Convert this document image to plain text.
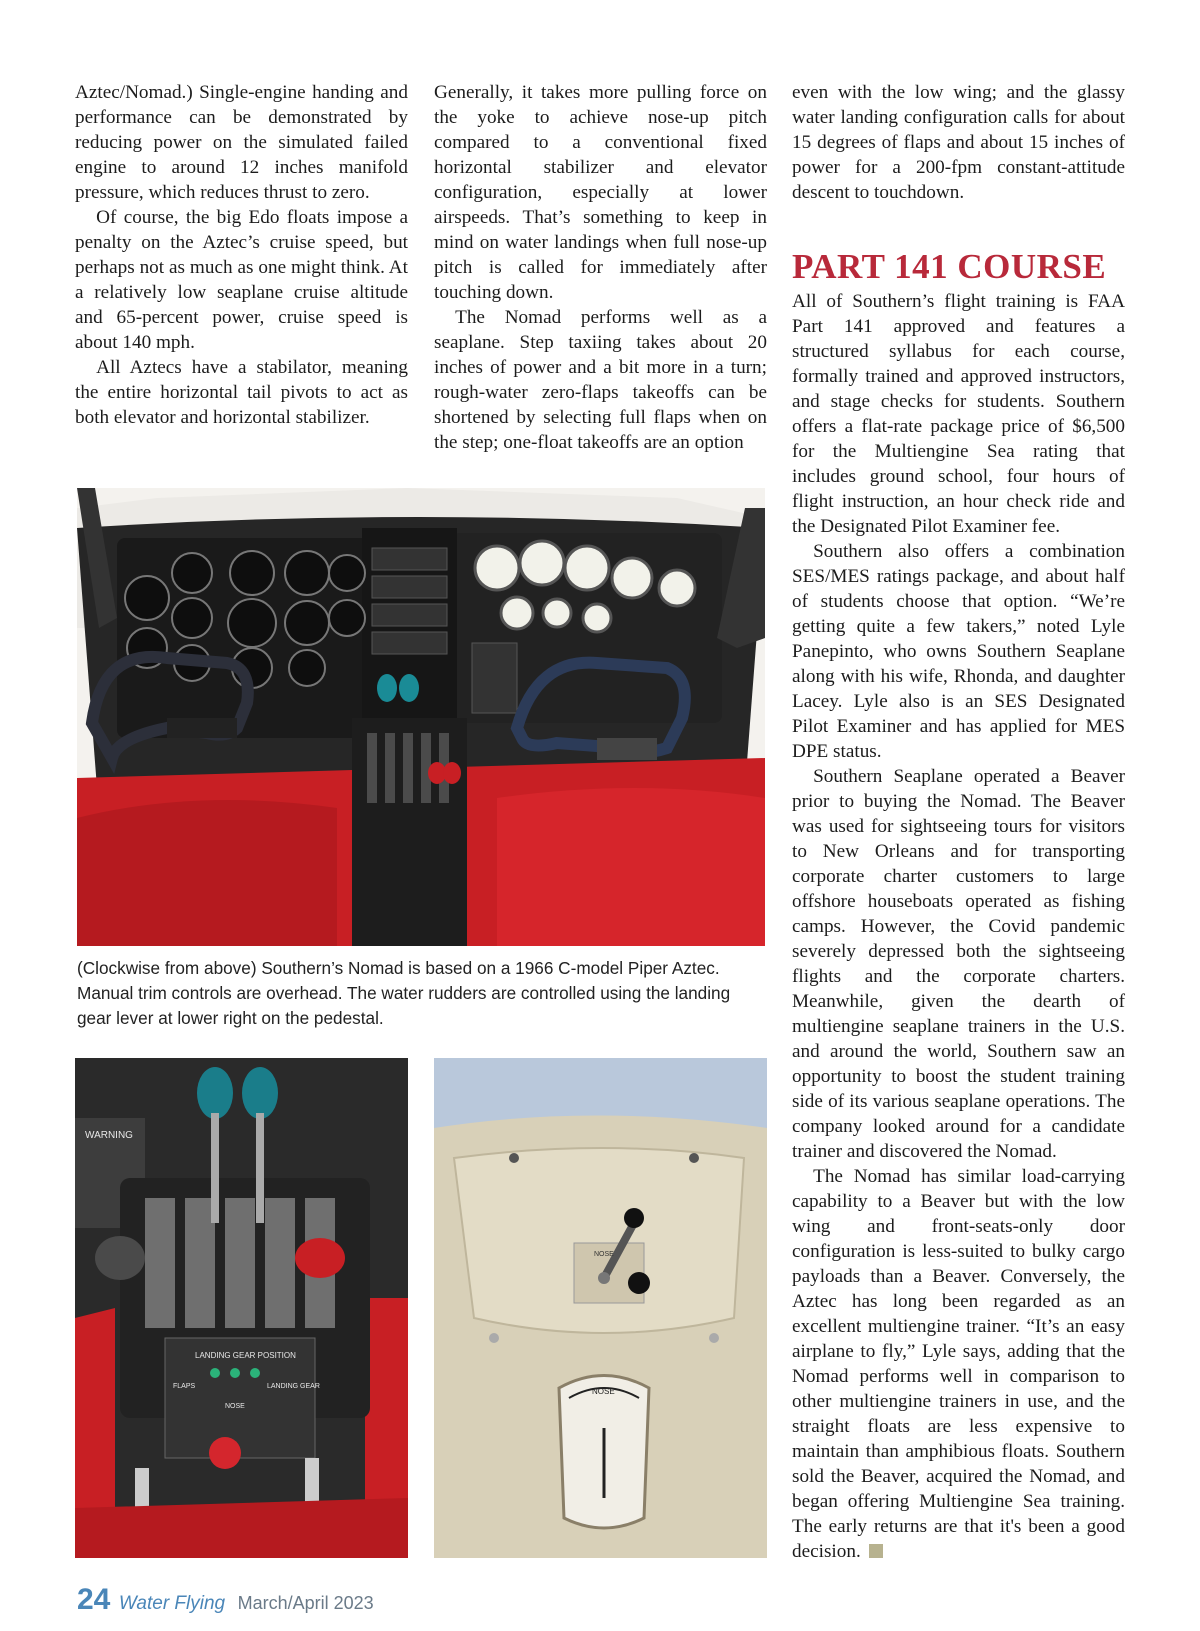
Aztec/Nomad.) Single-engine handing and performance can be demonstrated by reducing power on the simulated failed engine to around 12 inches manifold pressure, which reduces thrust to zero.

Of course, the big Edo floats impose a penalty on the Aztec’s cruise speed, but perhaps not as much as one might think. At a relatively low seaplane cruise altitude and 65-percent power, cruise speed is about 140 mph.

All Aztecs have a stabilator, meaning the entire horizontal tail pivots to act as both elevator and horizontal stabilizer.

Generally, it takes more pulling force on the yoke to achieve nose-up pitch compared to a conventional fixed horizontal stabilizer and elevator configuration, especially at lower airspeeds. That’s something to keep in mind on water landings when full nose-up pitch is called for immediately after touching down.

The Nomad performs well as a seaplane. Step taxiing takes about 20 inches of power and a bit more in a turn; rough-water zero-flaps takeoffs can be shortened by selecting full flaps when on the step; one-float takeoffs are an option

even with the low wing; and the glassy water landing configuration calls for about 15 degrees of flaps and about 15 inches of power for a 200-fpm constant-attitude descent to touchdown.

PART 141 COURSE

All of Southern’s flight training is FAA Part 141 approved and features a structured syllabus for each course, formally trained and approved instructors, and stage checks for students. Southern offers a flat-rate package price of $6,500 for the Multiengine Sea rating that includes ground school, four hours of flight instruction, an hour check ride and the Designated Pilot Examiner fee.

Southern also offers a combination SES/MES ratings package, and about half of students choose that option. “We’re getting quite a few takers,” noted Lyle Panepinto, who owns Southern Seaplane along with his wife, Rhonda, and daughter Lacey. Lyle also is an SES Designated Pilot Examiner and has applied for MES DPE status.

Southern Seaplane operated a Beaver prior to buying the Nomad. The Beaver was used for sightseeing tours for visitors to New Orleans and for transporting corporate charter customers to large offshore houseboats operated as fishing camps. However, the Covid pandemic severely depressed both the sightseeing flights and the corporate charters. Meanwhile, given the dearth of multiengine seaplane trainers in the U.S. and around the world, Southern saw an opportunity to boost the student training side of its various seaplane operations. The company looked around for a candidate trainer and discovered the Nomad.

The Nomad has similar load-carrying capability to a Beaver but with the low wing and front-seats-only door configuration is less-suited to bulky cargo payloads than a Beaver. Conversely, the Aztec has long been regarded as an excellent multiengine trainer. “It’s an easy airplane to fly,” Lyle says, adding that the Nomad performs well in comparison to other multiengine trainers in use, and the straight floats are less expensive to maintain than amphibious floats. Southern sold the Beaver, acquired the Nomad, and began offering Multiengine Sea training. The early returns are that it's been a good decision.

(Clockwise from above) Southern’s Nomad is based on a 1966 C-model Piper Aztec. Manual trim controls are overhead. The water rudders are controlled using the landing gear lever at lower right on the pedestal.
WARNING
LANDING GEAR POSITION
FLAPS	LANDING GEAR
NOSE
NOSE
NOSE
24 Water Flying March/April 2023
